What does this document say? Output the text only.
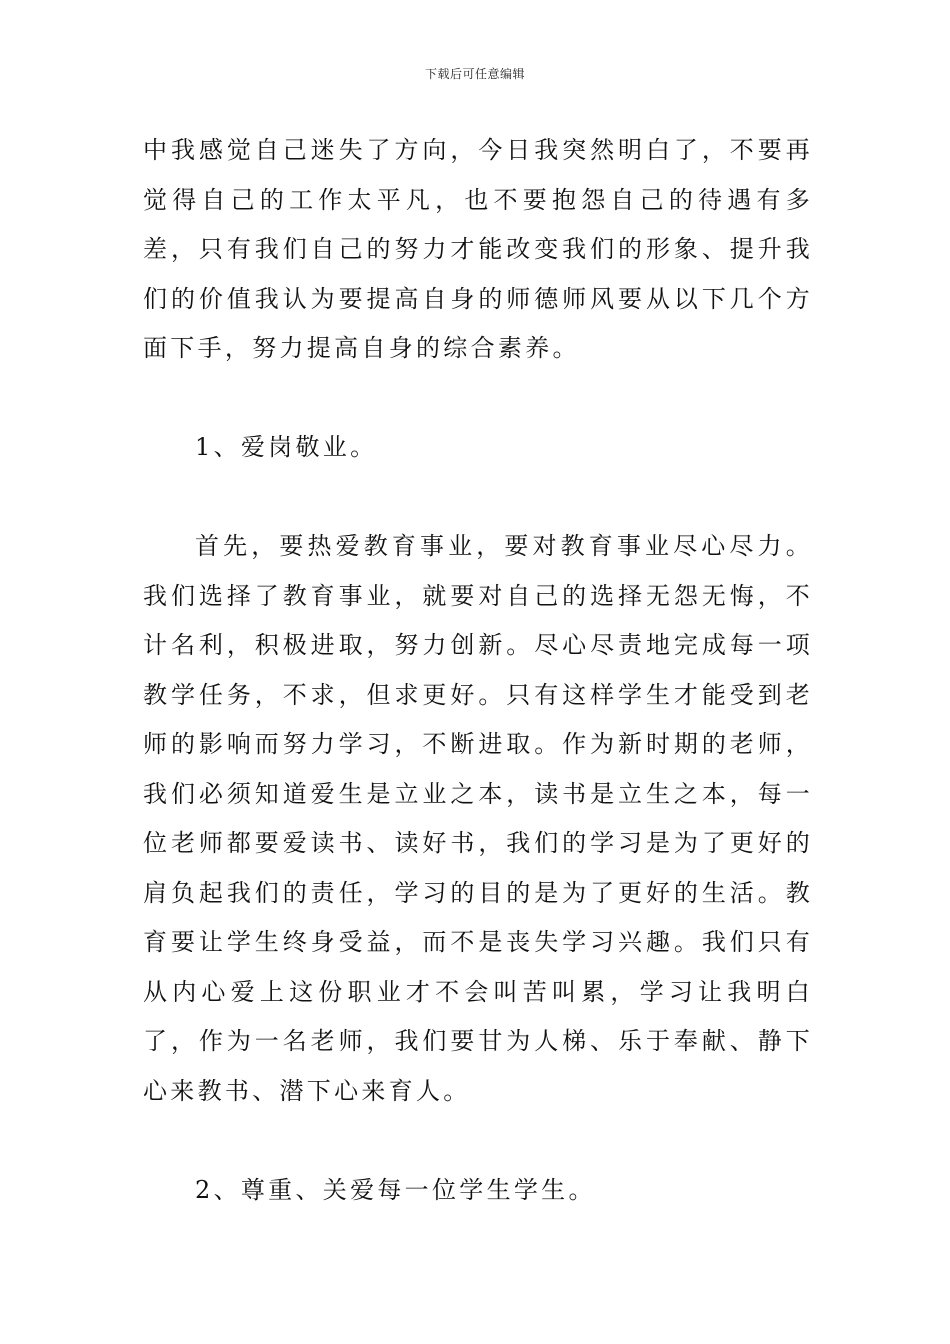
下载后可任意编辑

中我感觉自己迷失了方向，今日我突然明白了，不要再觉得自己的工作太平凡，也不要抱怨自己的待遇有多差，只有我们自己的努力才能改变我们的形象、提升我们的价值我认为要提高自身的师德师风要从以下几个方面下手，努力提高自身的综合素养。

1、爱岗敬业。

首先，要热爱教育事业，要对教育事业尽心尽力。我们选择了教育事业，就要对自己的选择无怨无悔，不计名利，积极进取，努力创新。尽心尽责地完成每一项教学任务，不求，但求更好。只有这样学生才能受到老师的影响而努力学习，不断进取。作为新时期的老师，我们必须知道爱生是立业之本，读书是立生之本，每一位老师都要爱读书、读好书，我们的学习是为了更好的肩负起我们的责任，学习的目的是为了更好的生活。教育要让学生终身受益，而不是丧失学习兴趣。我们只有从内心爱上这份职业才不会叫苦叫累，学习让我明白了，作为一名老师，我们要甘为人梯、乐于奉献、静下心来教书、潜下心来育人。

2、尊重、关爱每一位学生学生。
